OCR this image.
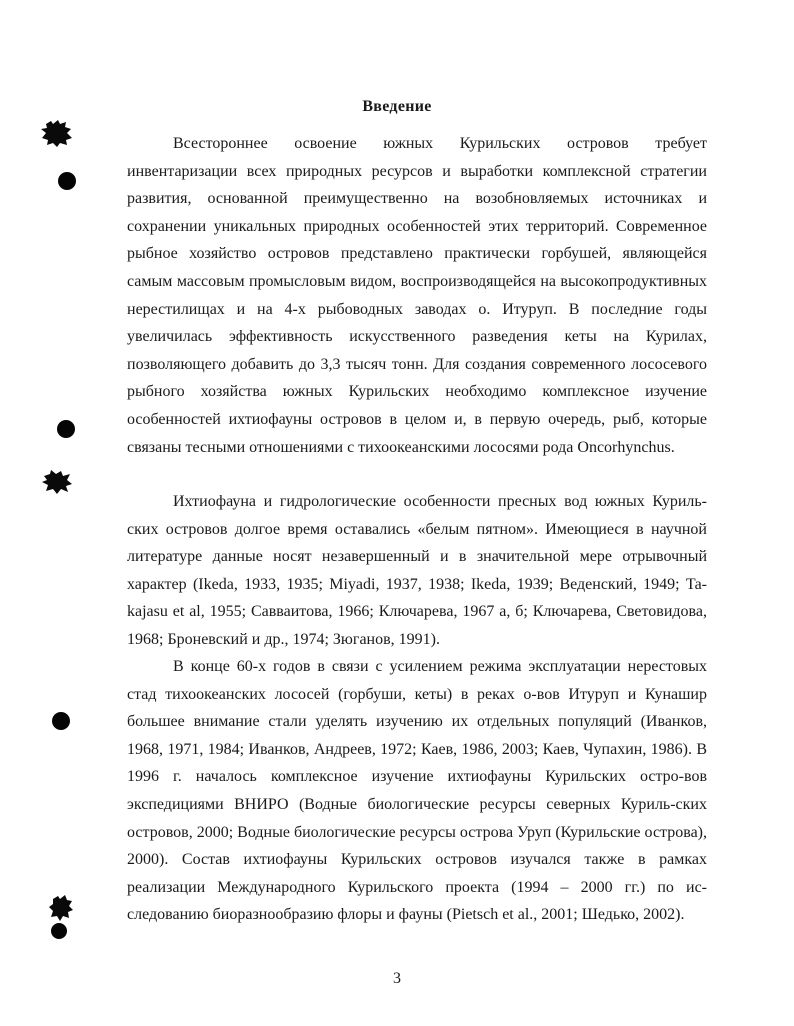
Введение

Всестороннее освоение южных Курильских островов требует инвентаризации всех природных ресурсов и выработки комплексной стратегии развития, основанной преимущественно на возобновляемых источниках и сохранении уникальных природных особенностей этих территорий. Современное рыбное хозяйство островов представлено практически горбушей, являющейся самым массовым промысловым видом, воспроизводящейся на высокопродуктивных нерестилищах и на 4-х рыбоводных заводах о. Итуруп. В последние годы увеличилась эффективность искусственного разведения кеты на Курилах, позволяющего добавить до 3,3 тысяч тонн. Для создания современного лососевого рыбного хозяйства южных Курильских необходимо комплексное изучение особенностей ихтиофауны островов в целом и, в первую очередь, рыб, которые связаны тесными отношениями с тихоокеанскими лососями рода Oncorhynchus.

Ихтиофауна и гидрологические особенности пресных вод южных Курильских островов долгое время оставались «белым пятном». Имеющиеся в научной литературе данные носят незавершенный и в значительной мере отрывочный характер (Ikeda, 1933, 1935; Miyadi, 1937, 1938; Ikeda, 1939; Веденский, 1949; Takajasu et al, 1955; Савваитова, 1966; Ключарева, 1967 а, б; Ключарева, Световидова, 1968; Броневский и др., 1974; Зюганов, 1991).

В конце 60-х годов в связи с усилением режима эксплуатации нерестовых стад тихоокеанских лососей (горбуши, кеты) в реках о-вов Итуруп и Кунашир большее внимание стали уделять изучению их отдельных популяций (Иванков, 1968, 1971, 1984; Иванков, Андреев, 1972; Каев, 1986, 2003; Каев, Чупахин, 1986). В 1996 г. началось комплексное изучение ихтиофауны Курильских остро-вов экспедициями ВНИРО (Водные биологические ресурсы северных Куриль-ских островов, 2000; Водные биологические ресурсы острова Уруп (Курильские острова), 2000). Состав ихтиофауны Курильских островов изучался также в рамках реализации Международного Курильского проекта (1994 – 2000 гг.) по исследованию биоразнообразию флоры и фауны (Pietsch et al., 2001; Шедько, 2002).

3
